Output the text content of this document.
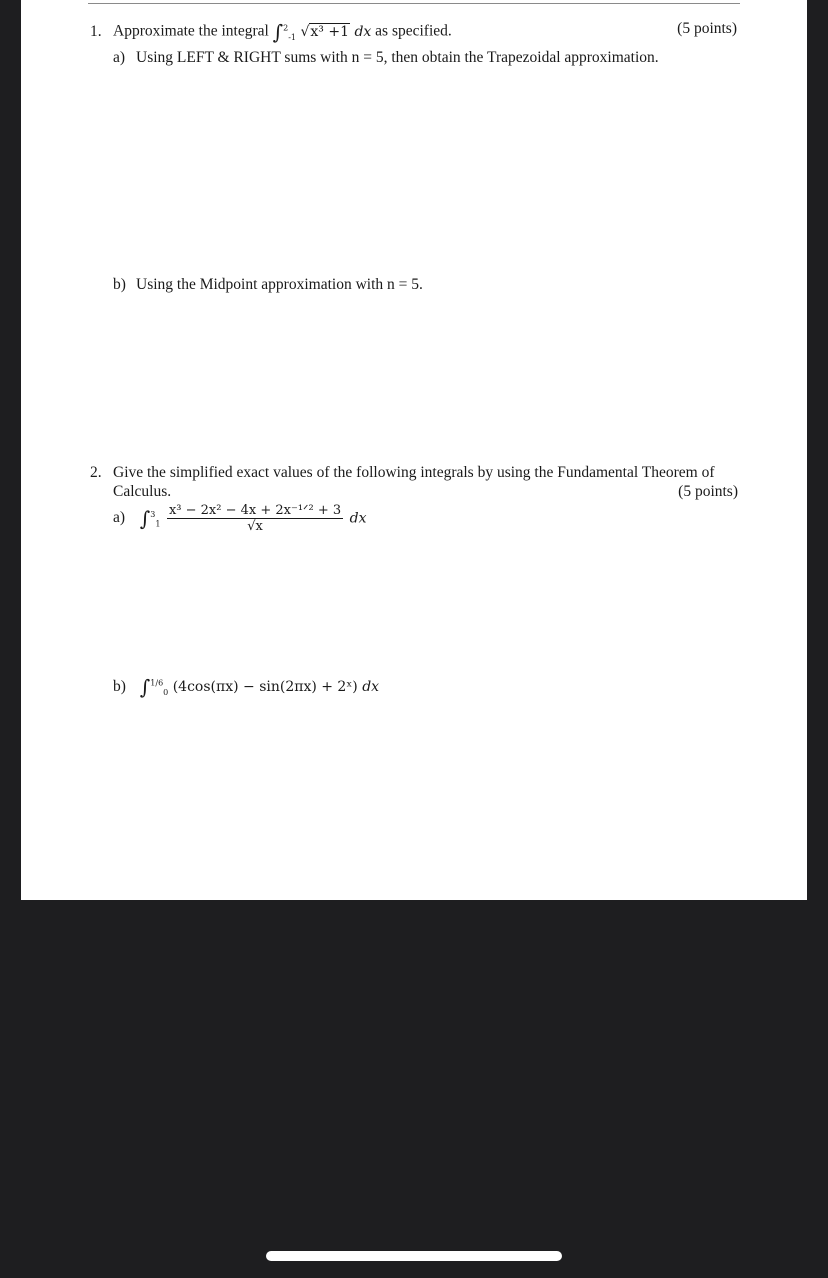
1. Approximate the integral ∫$^2_{-1}$ √x³ +1 dx as specified.	(5 points)
a) Using LEFT & RIGHT sums with n = 5, then obtain the Trapezoidal approximation.
b) Using the Midpoint approximation with n = 5.
2. Give the simplified exact values of the following integrals by using the Fundamental Theorem of
Calculus.	(5 points)
a) $\int^3_1 \frac{\text{x³ − 2x² − 4x + 2x⁻¹ᐟ² + 3}}{√x}$ dx
b) ∫$^{1/6}_0$ (4cos(πx) − sin(2πx) + 2ˣ) dx
